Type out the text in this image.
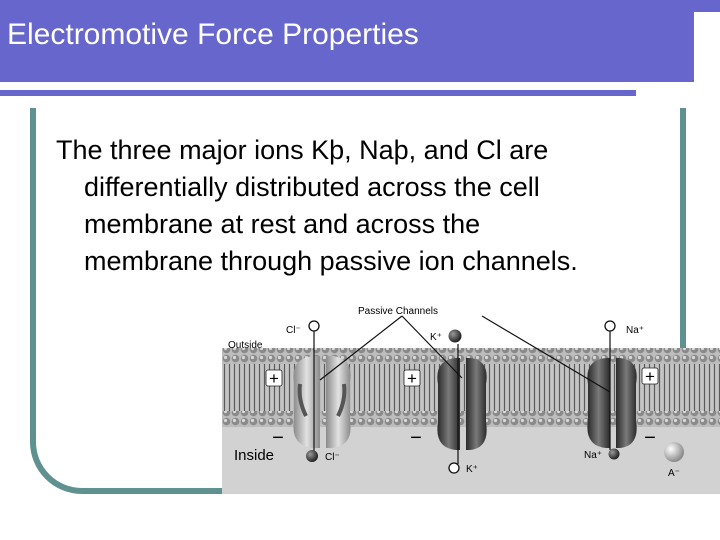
Electromotive Force Properties
The three major ions Kþ, Naþ, and Cl are
differentially distributed across the cell
membrane at rest and across the
membrane through passive ion channels.
+	+	+
−	−	−
Passive Channels
Outside
Inside
Cl⁻
K⁺
Na⁺
Cl⁻
K⁺
Na⁺
A⁻
